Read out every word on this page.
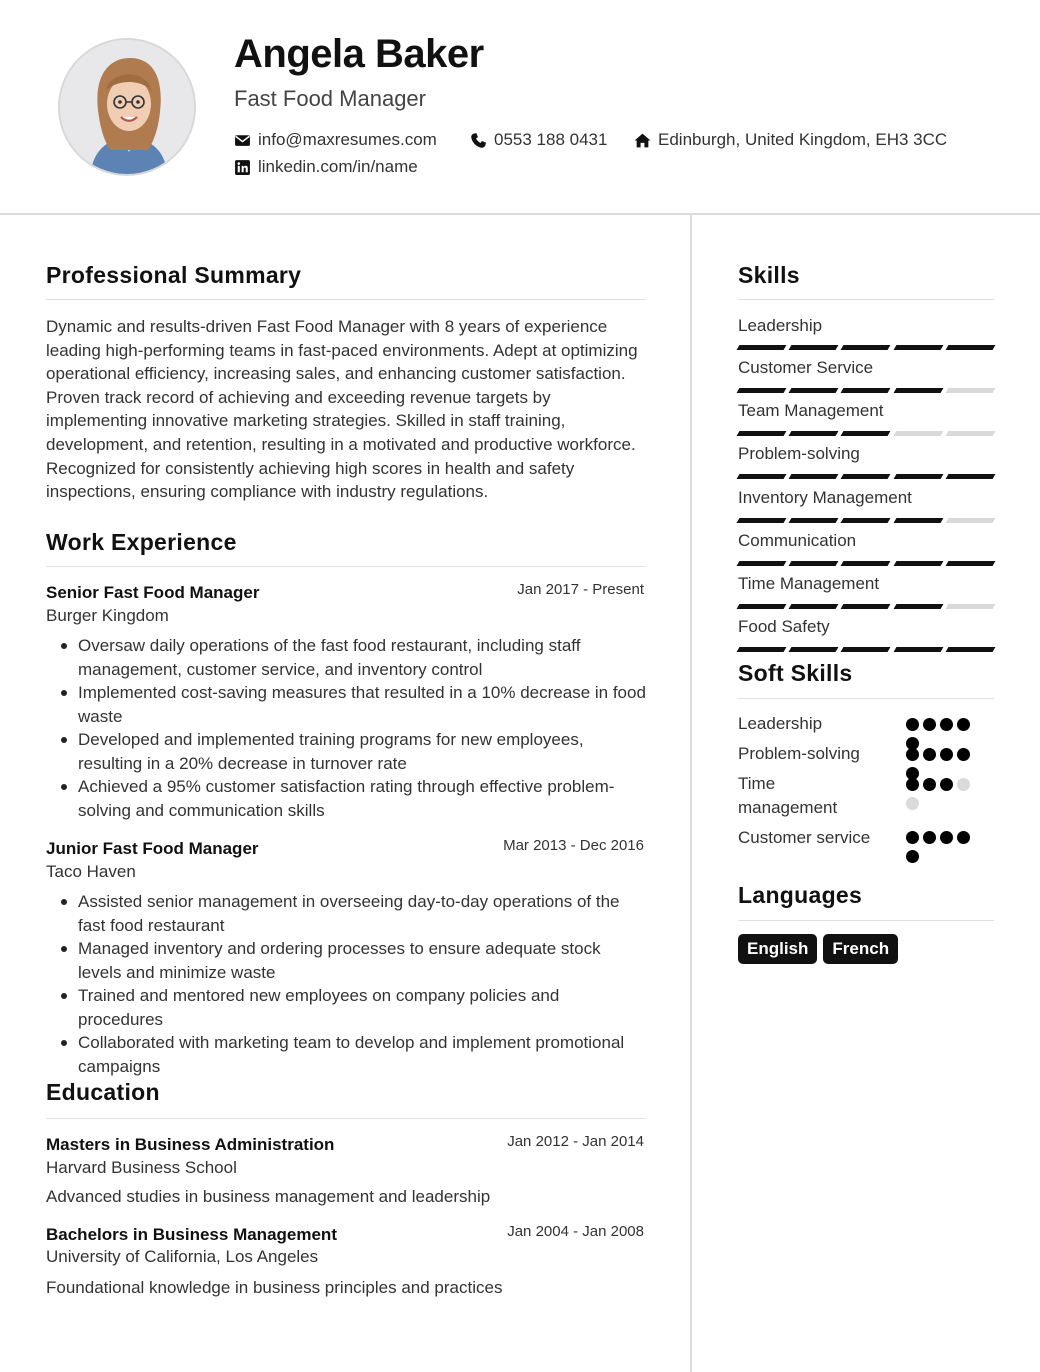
Angela Baker
Fast Food Manager
info@maxresumes.com	0553 188 0431	Edinburgh, United Kingdom, EH3 3CC
linkedin.com/in/name
Professional Summary
Dynamic and results-driven Fast Food Manager with 8 years of experience leading high-performing teams in fast-paced environments. Adept at optimizing operational efficiency, increasing sales, and enhancing customer satisfaction. Proven track record of achieving and exceeding revenue targets by implementing innovative marketing strategies. Skilled in staff training, development, and retention, resulting in a motivated and productive workforce. Recognized for consistently achieving high scores in health and safety inspections, ensuring compliance with industry regulations.
Work Experience
Senior Fast Food Manager	Jan 2017 - Present
Burger Kingdom
Oversaw daily operations of the fast food restaurant, including staff management, customer service, and inventory control
Implemented cost-saving measures that resulted in a 10% decrease in food waste
Developed and implemented training programs for new employees, resulting in a 20% decrease in turnover rate
Achieved a 95% customer satisfaction rating through effective problem-solving and communication skills
Junior Fast Food Manager	Mar 2013 - Dec 2016
Taco Haven
Assisted senior management in overseeing day-to-day operations of the fast food restaurant
Managed inventory and ordering processes to ensure adequate stock levels and minimize waste
Trained and mentored new employees on company policies and procedures
Collaborated with marketing team to develop and implement promotional campaigns
Education
Masters in Business Administration	Jan 2012 - Jan 2014
Harvard Business School
Advanced studies in business management and leadership
Bachelors in Business Management	Jan 2004 - Jan 2008
University of California, Los Angeles
Foundational knowledge in business principles and practices
Skills
Leadership
Customer Service
Team Management
Problem-solving
Inventory Management
Communication
Time Management
Food Safety
Soft Skills
Leadership
Problem-solving
Time management
Customer service
Languages
English	French
